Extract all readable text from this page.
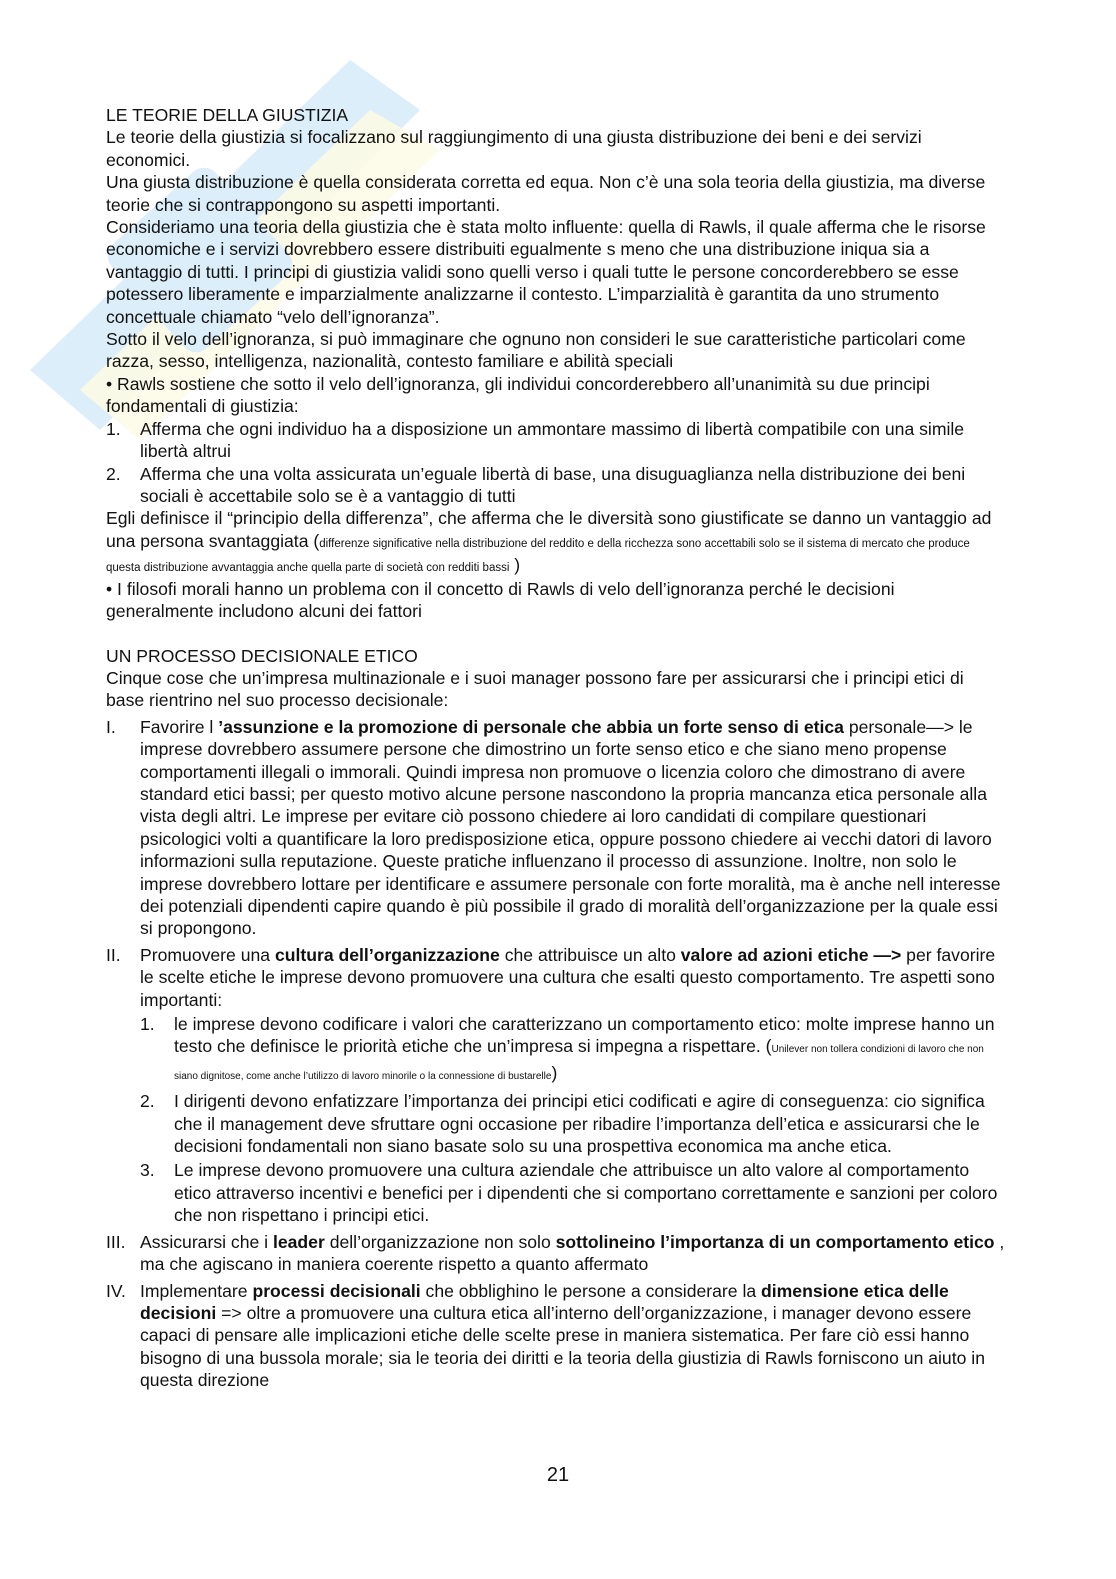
LE TEORIE DELLA GIUSTIZIA

Le teorie della giustizia si focalizzano sul raggiungimento di una giusta distribuzione dei beni e dei servizi economici.

Una giusta distribuzione è quella considerata corretta ed equa. Non c’è una sola teoria della giustizia, ma diverse teorie che si contrappongono su aspetti importanti.

Consideriamo una teoria della giustizia che è stata molto influente: quella di Rawls, il quale afferma che le risorse economiche e i servizi dovrebbero essere distribuiti egualmente s meno che una distribuzione iniqua sia a vantaggio di tutti. I principi di giustizia validi sono quelli verso i quali tutte le persone concorderebbero se esse potessero liberamente e imparzialmente analizzarne il contesto. L’imparzialità è garantita da uno strumento concettuale chiamato “velo dell’ignoranza”.

Sotto il velo dell’ignoranza, si può immaginare che ognuno non consideri le sue caratteristiche particolari come razza, sesso, intelligenza, nazionalità, contesto familiare e abilità speciali

• Rawls sostiene che sotto il velo dell’ignoranza, gli individui concorderebbero all’unanimità su due principi fondamentali di giustizia:

1.	Afferma che ogni individuo ha a disposizione un ammontare massimo di libertà compatibile con una simile libertà altrui
2.	Afferma che una volta assicurata un’eguale libertà di base, una disuguaglianza nella distribuzione dei beni sociali è accettabile solo se è a vantaggio di tutti

Egli definisce il “principio della differenza”, che afferma che le diversità sono giustificate se danno un vantaggio ad una persona svantaggiata (differenze significative nella distribuzione del reddito e della ricchezza sono accettabili solo se il sistema di mercato che produce questa distribuzione avvantaggia anche quella parte di società con redditi bassi )

• I filosofi morali hanno un problema con il concetto di Rawls di velo dell’ignoranza perché le decisioni generalmente includono alcuni dei fattori

UN PROCESSO DECISIONALE ETICO

Cinque cose che un’impresa multinazionale e i suoi manager possono fare per assicurarsi che i principi etici di base rientrino nel suo processo decisionale:

I.	Favorire l ’assunzione e la promozione di personale che abbia un forte senso di etica personale—> le imprese dovrebbero assumere persone che dimostrino un forte senso etico e che siano meno propense comportamenti illegali o immorali. Quindi impresa non promuove o licenzia coloro che dimostrano di avere standard etici bassi; per questo motivo alcune persone nascondono la propria mancanza etica personale alla vista degli altri. Le imprese per evitare ciò possono chiedere ai loro candidati di compilare questionari psicologici volti a quantificare la loro predisposizione etica, oppure possono chiedere ai vecchi datori di lavoro informazioni sulla reputazione. Queste pratiche influenzano il processo di assunzione. Inoltre, non solo le imprese dovrebbero lottare per identificare e assumere personale con forte moralità, ma è anche nell interesse dei potenziali dipendenti capire quando è più possibile il grado di moralità dell’organizzazione per la quale essi si propongono.
II.	Promuovere una cultura dell’organizzazione che attribuisce un alto valore ad azioni etiche —> per favorire le scelte etiche le imprese devono promuovere una cultura che esalti questo comportamento. Tre aspetti sono importanti:
1.	le imprese devono codificare i valori che caratterizzano un comportamento etico: molte imprese hanno un testo che definisce le priorità etiche che un’impresa si impegna a rispettare. (Unilever non tollera condizioni di lavoro che non siano dignitose, come anche l’utilizzo di lavoro minorile o la connessione di bustarelle)
2.	I dirigenti devono enfatizzare l’importanza dei principi etici codificati e agire di conseguenza: cio significa che il management deve sfruttare ogni occasione per ribadire l’importanza dell’etica e assicurarsi che le decisioni fondamentali non siano basate solo su una prospettiva economica ma anche etica.
3.	Le imprese devono promuovere una cultura aziendale che attribuisce un alto valore al comportamento etico attraverso incentivi e benefici per i dipendenti che si comportano correttamente e sanzioni per coloro che non rispettano i principi etici.
III. Assicurarsi che i leader dell’organizzazione non solo sottolineino l’importanza di un comportamento etico , ma che agiscano in maniera coerente rispetto a quanto affermato
IV. Implementare processi decisionali che obblighino le persone a considerare la dimensione etica delle decisioni => oltre a promuovere una cultura etica all’interno dell’organizzazione, i manager devono essere capaci di pensare alle implicazioni etiche delle scelte prese in maniera sistematica. Per fare ciò essi hanno bisogno di una bussola morale; sia le teoria dei diritti e la teoria della giustizia di Rawls forniscono un aiuto in questa direzione
21
